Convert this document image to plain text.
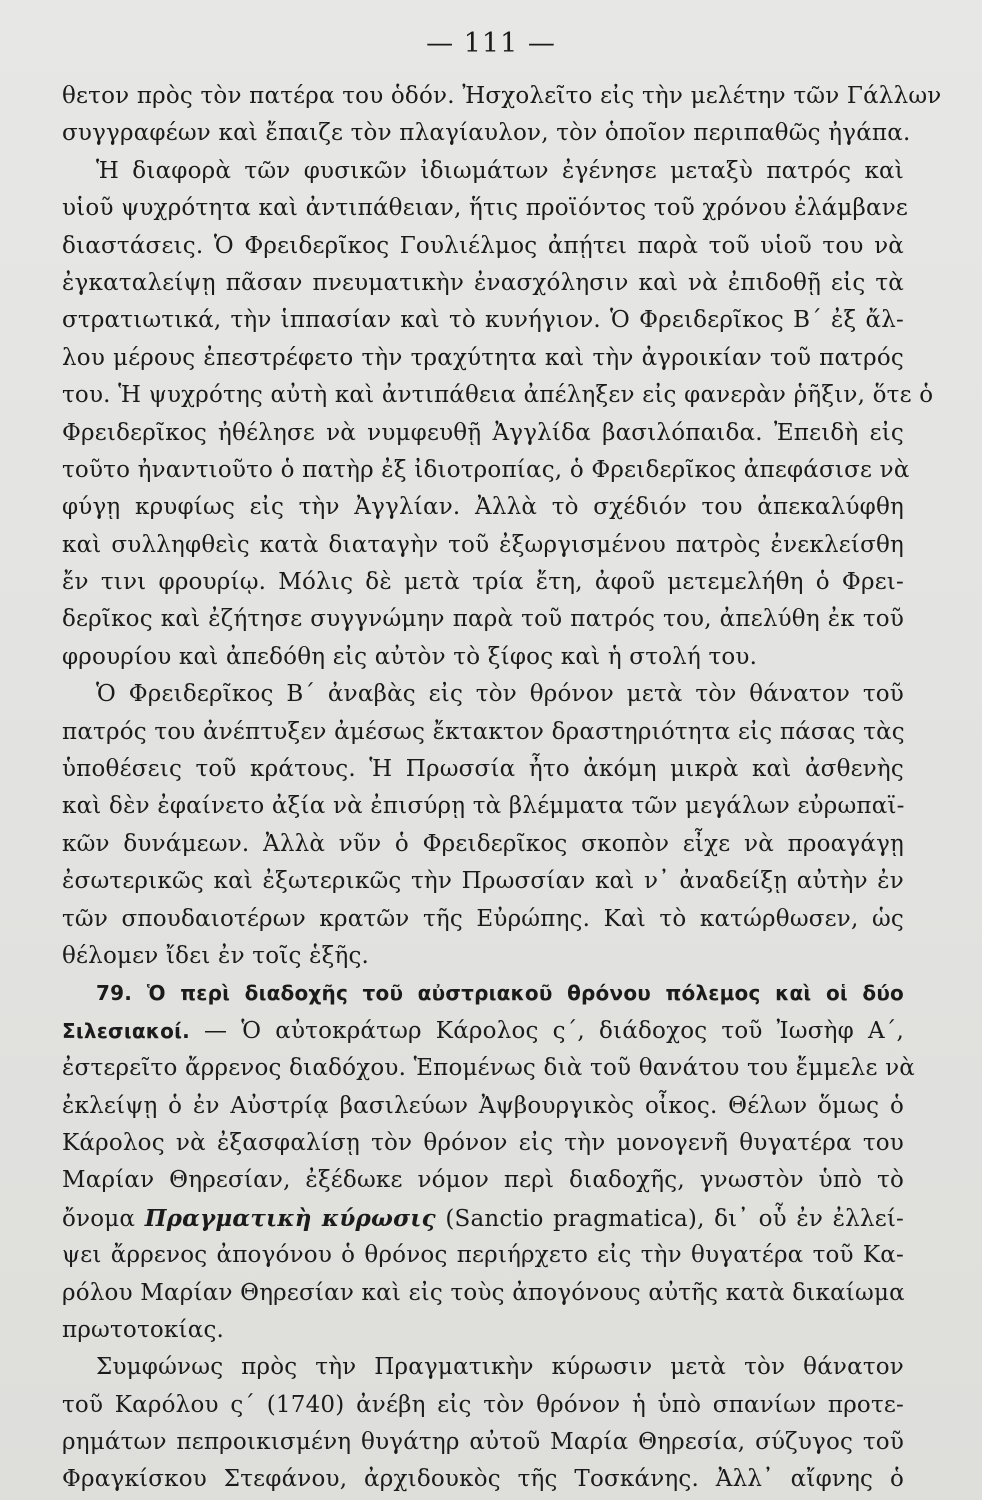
— 111 —
θετον πρὸς τὸν πατέρα του ὁδόν. Ἠσχολεῖτο εἰς τὴν μελέτην τῶν Γάλλων
συγγραφέων καὶ ἔπαιζε τὸν πλαγίαυλον, τὸν ὁποῖον περιπαθῶς ἠγάπα.
Ἡ διαφορὰ τῶν φυσικῶν ἰδιωμάτων ἐγένησε μεταξὺ πατρός καὶ
υἱοῦ ψυχρότητα καὶ ἀντιπάθειαν, ἥτις προϊόντος τοῦ χρόνου ἐλάμβανε
διαστάσεις. Ὁ Φρειδερῖκος Γουλιέλμος ἀπῄτει παρὰ τοῦ υἱοῦ του νὰ
ἐγκαταλείψῃ πᾶσαν πνευματικὴν ἐνασχόλησιν καὶ νὰ ἐπιδοθῇ εἰς τὰ
στρατιωτικά, τὴν ἱππασίαν καὶ τὸ κυνήγιον. Ὁ Φρειδερῖκος Β´ ἐξ ἄλ-
λου μέρους ἐπεστρέφετο τὴν τραχύτητα καὶ τὴν ἀγροικίαν τοῦ πατρός
του. Ἡ ψυχρότης αὐτὴ καὶ ἀντιπάθεια ἀπέληξεν εἰς φανερὰν ῥῆξιν, ὅτε ὁ
Φρειδερῖκος ἠθέλησε νὰ νυμφευθῇ Ἀγγλίδα βασιλόπαιδα. Ἐπειδὴ εἰς
τοῦτο ἠναντιοῦτο ὁ πατὴρ ἐξ ἰδιοτροπίας, ὁ Φρειδερῖκος ἀπεφάσισε νὰ
φύγῃ κρυφίως εἰς τὴν Ἀγγλίαν. Ἀλλὰ τὸ σχέδιόν του ἀπεκαλύφθη
καὶ συλληφθεὶς κατὰ διαταγὴν τοῦ ἐξωργισμένου πατρὸς ἐνεκλείσθη
ἔν τινι φρουρίῳ. Μόλις δὲ μετὰ τρία ἔτη, ἀφοῦ μετεμελήθη ὁ Φρει-
δερῖκος καὶ ἐζήτησε συγγνώμην παρὰ τοῦ πατρός του, ἀπελύθη ἐκ τοῦ
φρουρίου καὶ ἀπεδόθη εἰς αὐτὸν τὸ ξίφος καὶ ἡ στολή του.
Ὁ Φρειδερῖκος Β´ ἀναβὰς εἰς τὸν θρόνον μετὰ τὸν θάνατον τοῦ
πατρός του ἀνέπτυξεν ἀμέσως ἔκτακτον δραστηριότητα εἰς πάσας τὰς
ὑποθέσεις τοῦ κράτους. Ἡ Πρωσσία ἦτο ἀκόμη μικρὰ καὶ ἀσθενὴς
καὶ δὲν ἐφαίνετο ἀξία νὰ ἐπισύρῃ τὰ βλέμματα τῶν μεγάλων εὐρωπαϊ-
κῶν δυνάμεων. Ἀλλὰ νῦν ὁ Φρειδερῖκος σκοπὸν εἶχε νὰ προαγάγῃ
ἐσωτερικῶς καὶ ἐξωτερικῶς τὴν Πρωσσίαν καὶ ν᾽ ἀναδείξῃ αὐτὴν ἐν
τῶν σπουδαιοτέρων κρατῶν τῆς Εὐρώπης. Καὶ τὸ κατώρθωσεν, ὡς
θέλομεν ἴδει ἐν τοῖς ἑξῆς.
79. Ὁ περὶ διαδοχῆς τοῦ αὐστριακοῦ θρόνου πόλεμος καὶ οἱ δύο
Σιλεσιακοί. — Ὁ αὐτοκράτωρ Κάρολος ς´, διάδοχος τοῦ Ἰωσὴφ Α´,
ἐστερεῖτο ἄρρενος διαδόχου. Ἑπομένως διὰ τοῦ θανάτου του ἔμμελε νὰ
ἐκλείψῃ ὁ ἐν Αὐστρίᾳ βασιλεύων Ἀψβουργικὸς οἶκος. Θέλων ὅμως ὁ
Κάρολος νὰ ἐξασφαλίσῃ τὸν θρόνον εἰς τὴν μονογενῆ θυγατέρα του
Μαρίαν Θηρεσίαν, ἐξέδωκε νόμον περὶ διαδοχῆς, γνωστὸν ὑπὸ τὸ
ὄνομα Πραγματικὴ κύρωσις (Sanctio pragmatica), δι᾽ οὗ ἐν ἐλλεί-
ψει ἄρρενος ἀπογόνου ὁ θρόνος περιήρχετο εἰς τὴν θυγατέρα τοῦ Κα-
ρόλου Μαρίαν Θηρεσίαν καὶ εἰς τοὺς ἀπογόνους αὐτῆς κατὰ δικαίωμα
πρωτοτοκίας.
Συμφώνως πρὸς τὴν Πραγματικὴν κύρωσιν μετὰ τὸν θάνατον
τοῦ Καρόλου ς´ (1740) ἀνέβη εἰς τὸν θρόνον ἡ ὑπὸ σπανίων προτε-
ρημάτων πεπροικισμένη θυγάτηρ αὐτοῦ Μαρία Θηρεσία, σύζυγος τοῦ
Φραγκίσκου Στεφάνου, ἀρχιδουκὸς τῆς Τοσκάνης. Ἀλλ᾽ αἴφνης ὁ
